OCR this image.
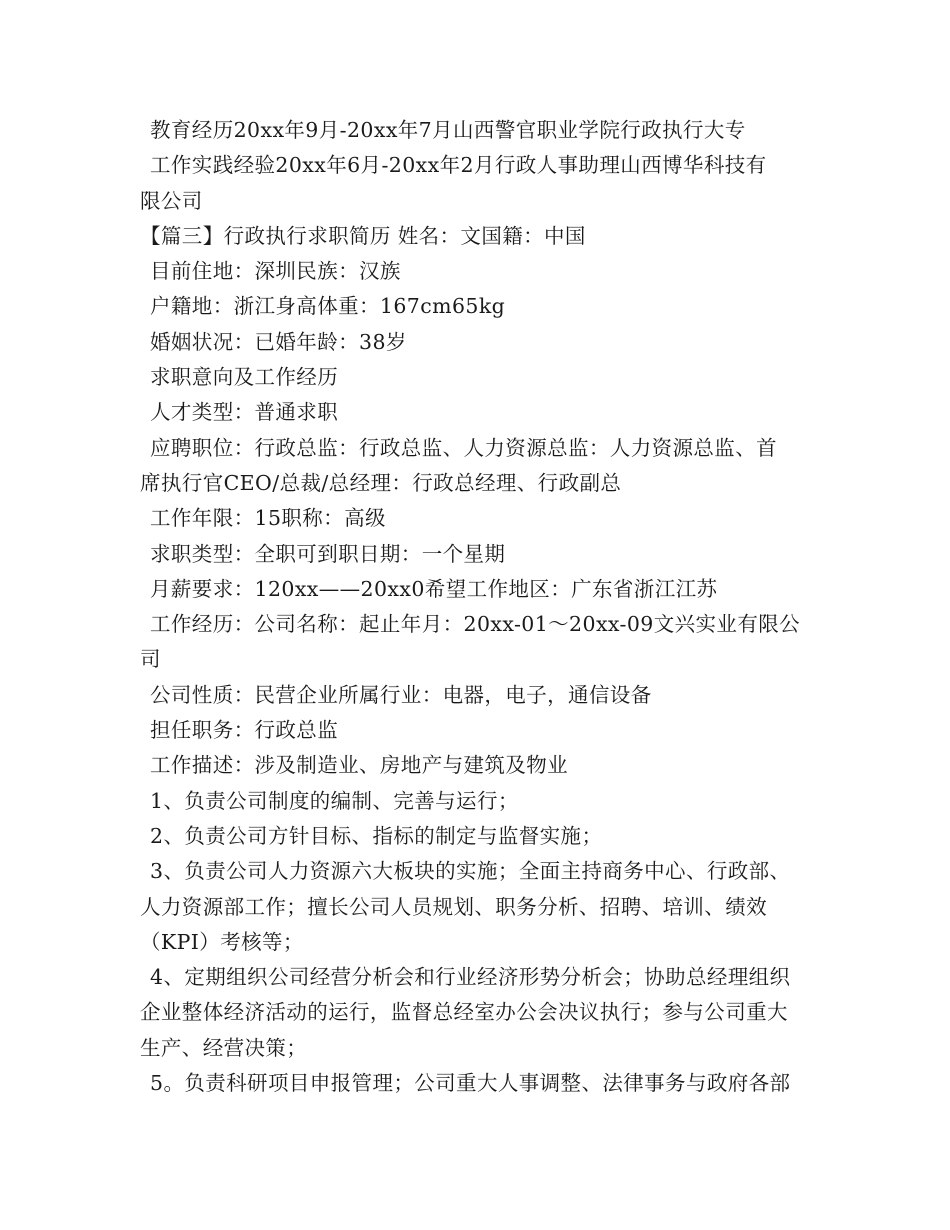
教育经历20xx年9月-20xx年7月山西警官职业学院行政执行大专
工作实践经验20xx年6月-20xx年2月行政人事助理山西博华科技有
限公司
【篇三】行政执行求职简历 姓名：文国籍：中国
目前住地：深圳民族：汉族
户籍地：浙江身高体重：167cm65kg
婚姻状况：已婚年龄：38岁
求职意向及工作经历
人才类型：普通求职
应聘职位：行政总监：行政总监、人力资源总监：人力资源总监、首
席执行官CEO/总裁/总经理：行政总经理、行政副总
工作年限：15职称：高级
求职类型：全职可到职日期：一个星期
月薪要求：120xx——20xx0希望工作地区：广东省浙江江苏
工作经历：公司名称：起止年月：20xx-01～20xx-09文兴实业有限公
司
公司性质：民营企业所属行业：电器，电子，通信设备
担任职务：行政总监
工作描述：涉及制造业、房地产与建筑及物业
1、负责公司制度的编制、完善与运行；
2、负责公司方针目标、指标的制定与监督实施；
3、负责公司人力资源六大板块的实施；全面主持商务中心、行政部、
人力资源部工作；擅长公司人员规划、职务分析、招聘、培训、绩效
（KPI）考核等；
4、定期组织公司经营分析会和行业经济形势分析会；协助总经理组织
企业整体经济活动的运行，监督总经室办公会决议执行；参与公司重大
生产、经营决策；
5。负责科研项目申报管理；公司重大人事调整、法律事务与政府各部
